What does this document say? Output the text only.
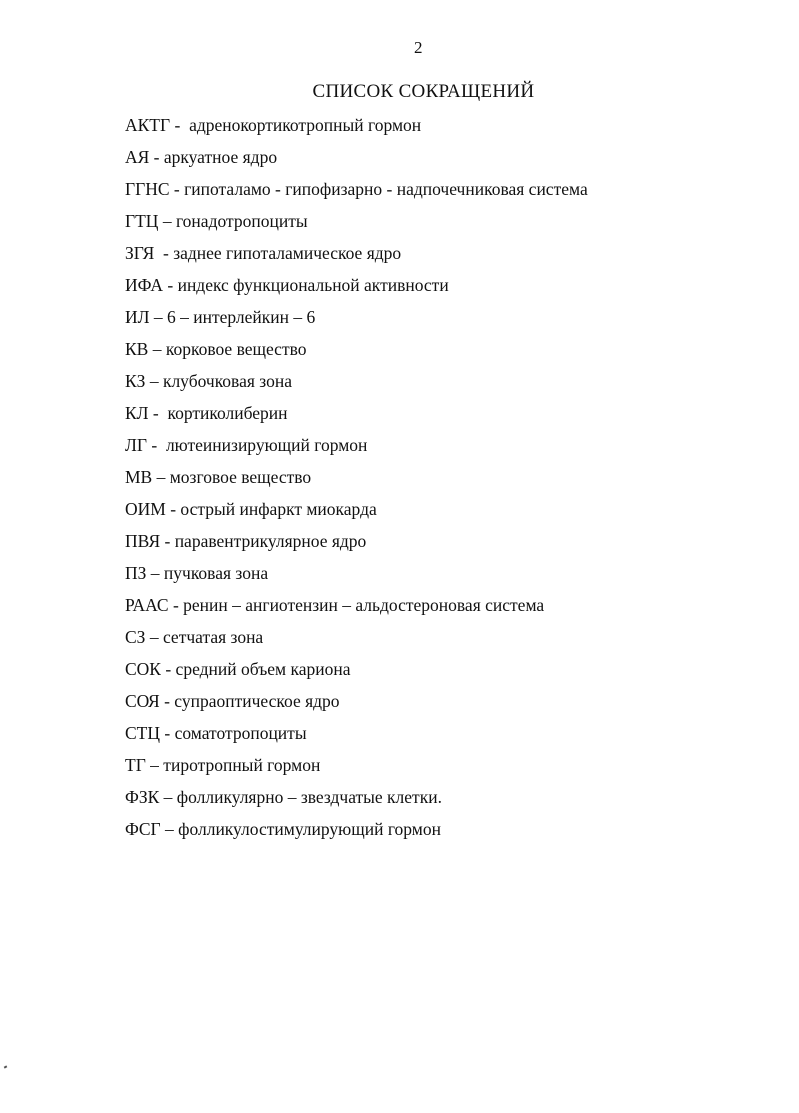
2
СПИСОК СОКРАЩЕНИЙ
АКТГ -  адренокортикотропный гормон
АЯ - аркуатное ядро
ГГНС - гипоталамо - гипофизарно - надпочечниковая система
ГТЦ – гонадотропоциты
ЗГЯ  - заднее гипоталамическое ядро
ИФА - индекс функциональной активности
ИЛ – 6 – интерлейкин – 6
КВ – корковое вещество
КЗ – клубочковая зона
КЛ -  кортиколиберин
ЛГ -  лютеинизирующий гормон
МВ – мозговое вещество
ОИМ - острый инфаркт миокарда
ПВЯ - паравентрикулярное ядро
ПЗ – пучковая зона
РААС - ренин – ангиотензин – альдостероновая система
СЗ – сетчатая зона
СОК - средний объем кариона
СОЯ - супраоптическое ядро
СТЦ - соматотропоциты
ТГ – тиротропный гормон
ФЗК – фолликулярно – звездчатые клетки.
ФСГ – фолликулостимулирующий гормон
